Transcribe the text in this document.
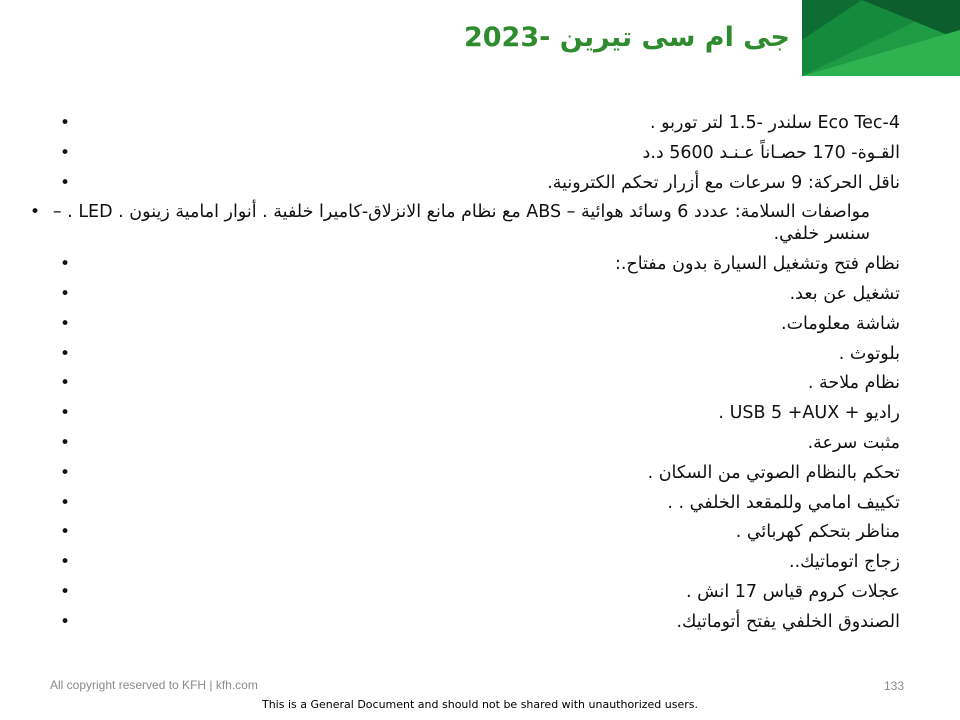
جى ام سى تيرين -2023
4-Eco Tec سلندر -1.5 لتر توربو . •
القـوة- 170 حصـاناً عـنـد 5600 د.د •
ناقل الحركة: 9 سرعات مع أزرار تحكم الكترونية. •
مواصفات السلامة: عددد 6 وسائد هوائية – ABS مع نظام مانع الانزلاق-كاميرا خلفية . أنوار امامية زينون . LED . – سنسر خلفي. •
نظام فتح وتشغيل السيارة بدون مفتاح.: •
تشغيل عن بعد. •
شاشة معلومات. •
بلوتوث . •
نظام ملاحة . •
راديو + USB 5 +AUX . •
مثبت سرعة. •
تحكم بالنظام الصوتي من السكان . •
تكييف امامي وللمقعد الخلفي . . •
مناظر بتحكم كهربائي . •
زجاج اتوماتيك.. •
عجلات كروم قياس 17 انش . •
الصندوق الخلفي يفتح أتوماتيك. •
All copyright reserved to KFH | kfh.com	133
This is a General Document and should not be shared with unauthorized users.
